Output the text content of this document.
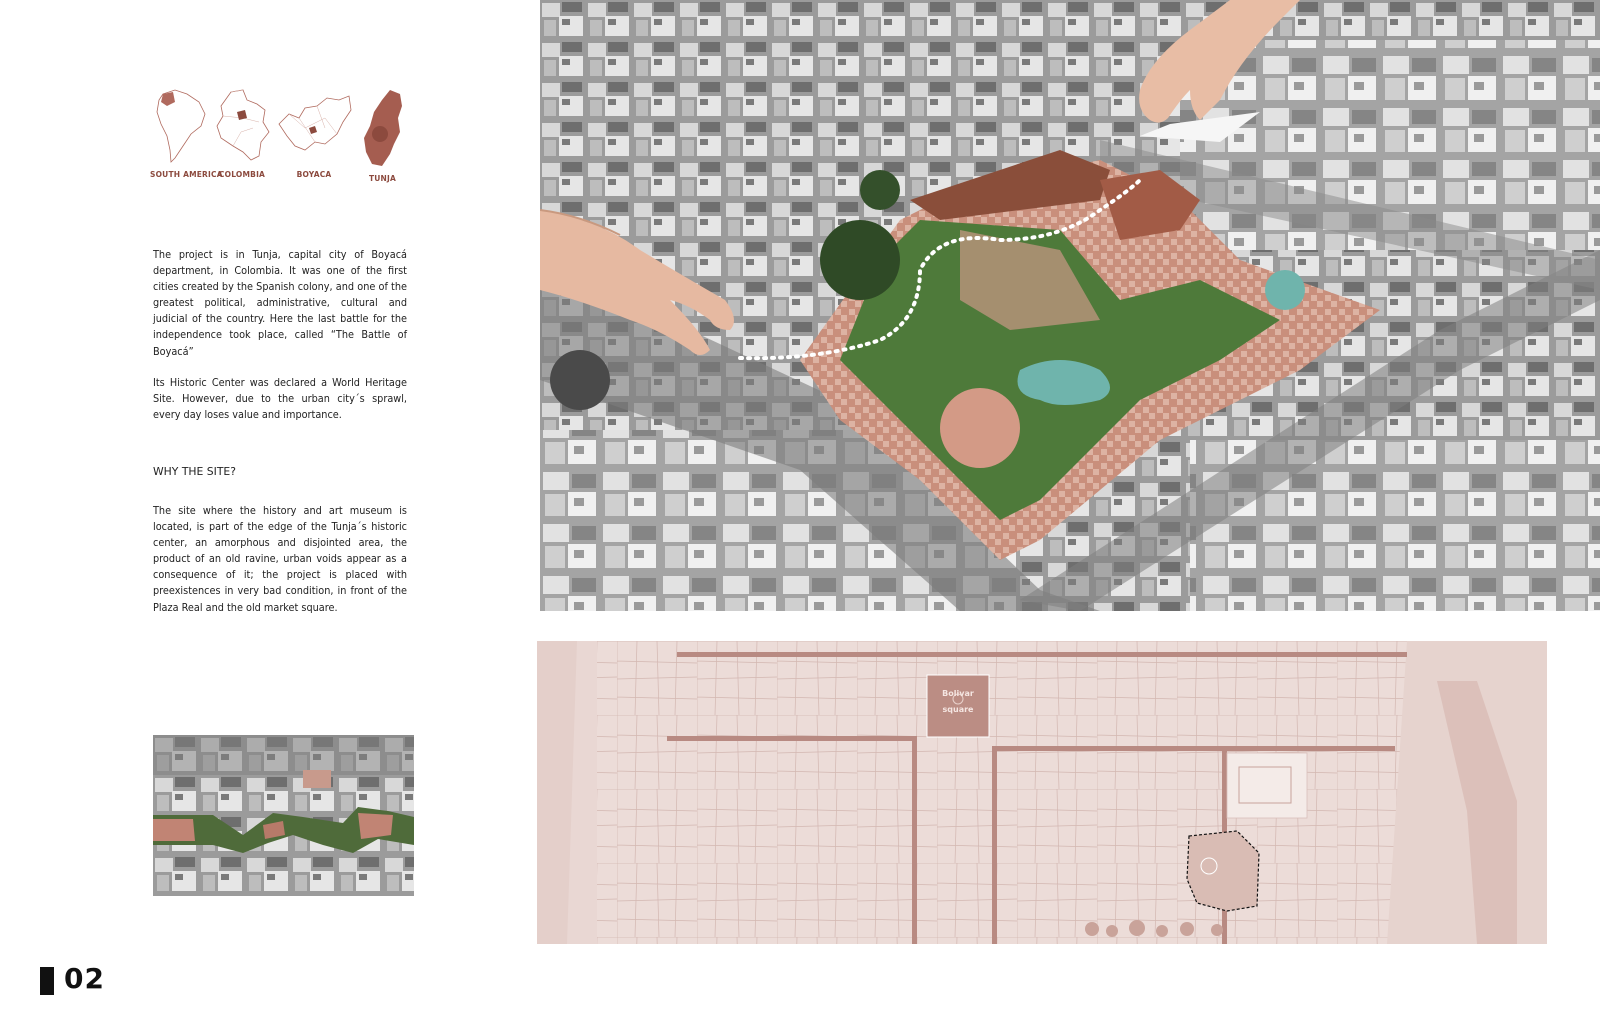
SOUTH AMERICA
COLOMBIA	BOYACA	TUNJA

The project is in Tunja, capital city of Boyacá department, in Colombia. It was one of the first cities created by the Spanish colony, and one of the greatest political, administrative, cultural and judicial of the country. Here the last battle for the independence took place, called “The Battle of Boyacá”

Its Historic Center was declared a World Heritage Site. However, due to the urban city´s sprawl, every day loses value and importance.

WHY THE SITE?

The site where the history and art museum is located, is part of the edge of the Tunja´s historic center, an amorphous and disjointed area, the product of an old ravine, urban voids appear as a consequence of it; the project is placed with preexistences in very bad condition, in front of the Plaza Real and the old market square.

Bolivar
square
02
